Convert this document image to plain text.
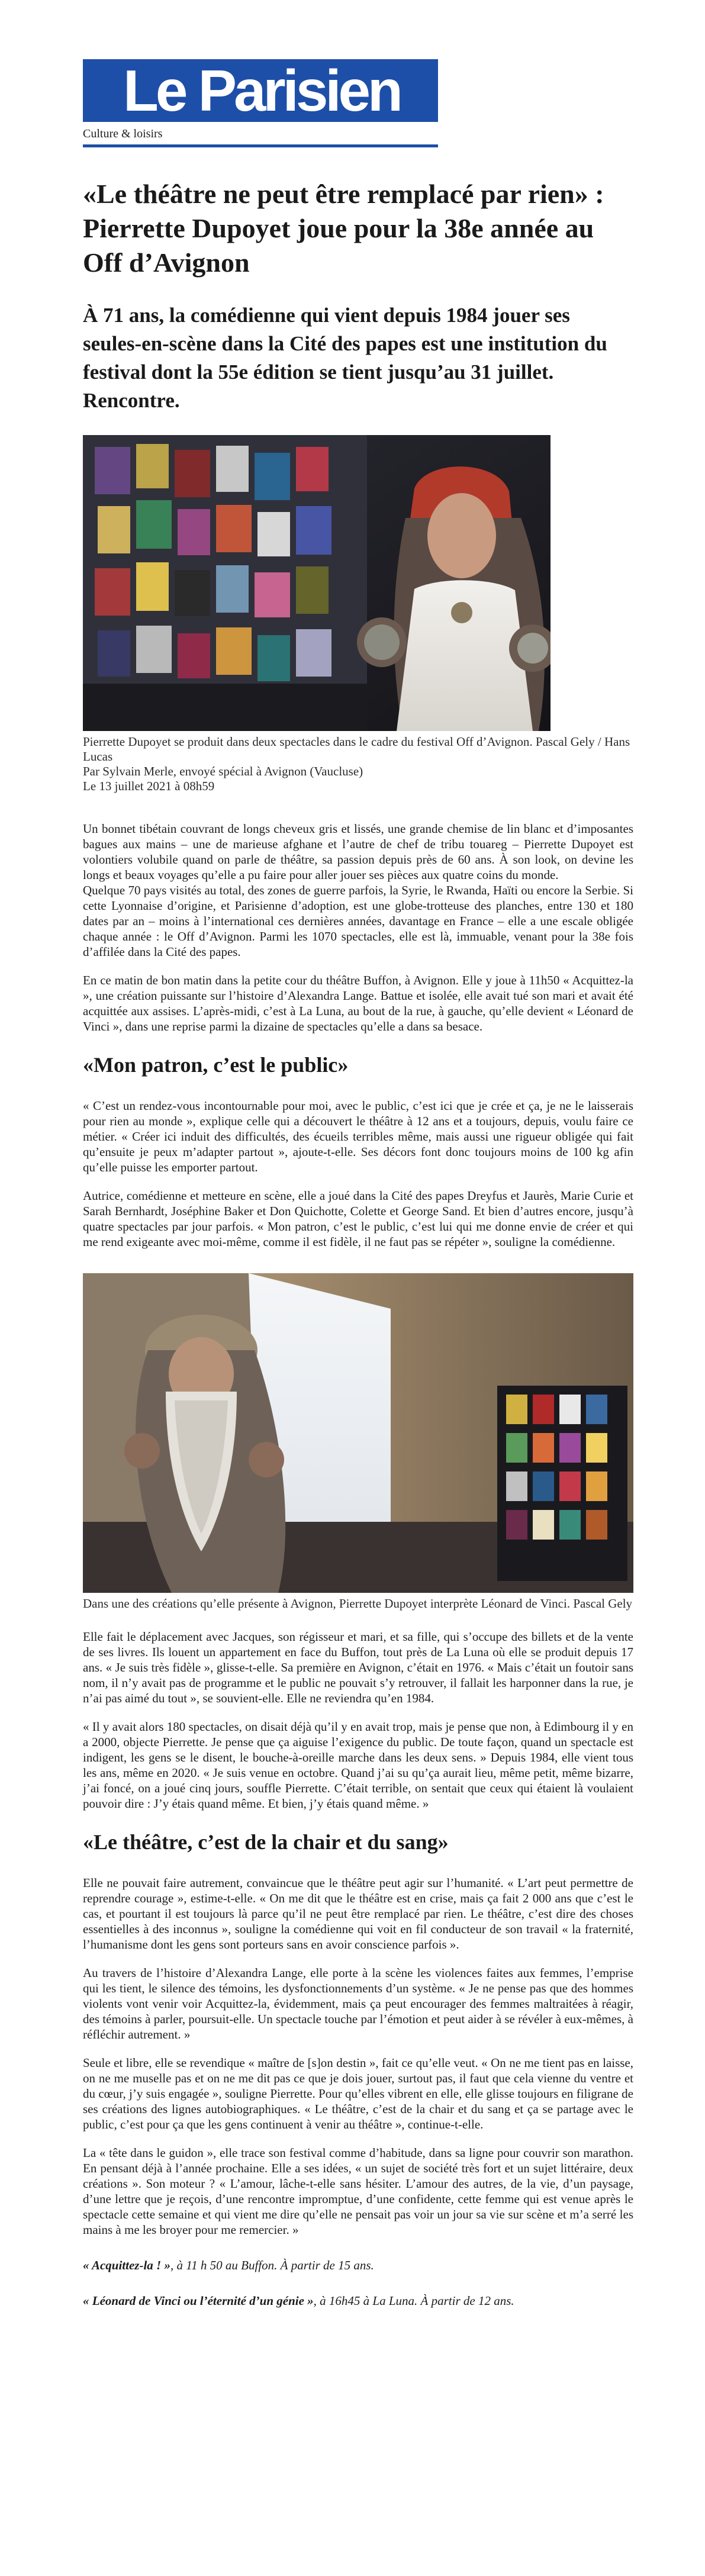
Le Parisien
Culture & loisirs
«Le théâtre ne peut être remplacé par rien» : Pierrette Dupoyet joue pour la 38e année au Off d’Avignon
À 71 ans, la comédienne qui vient depuis 1984 jouer ses seules-en-scène dans la Cité des papes est une institution du festival dont la 55e édition se tient jusqu’au 31 juillet. Rencontre.
Pierrette Dupoyet se produit dans deux spectacles dans le cadre du festival Off d’Avignon. Pascal Gely / Hans Lucas
Par Sylvain Merle, envoyé spécial à Avignon (Vaucluse)
Le 13 juillet 2021 à 08h59

Un bonnet tibétain couvrant de longs cheveux gris et lissés, une grande chemise de lin blanc et d’imposantes bagues aux mains – une de marieuse afghane et l’autre de chef de tribu touareg – Pierrette Dupoyet est volontiers volubile quand on parle de théâtre, sa passion depuis près de 60 ans. À son look, on devine les longs et beaux voyages qu’elle a pu faire pour aller jouer ses pièces aux quatre coins du monde.

Quelque 70 pays visités au total, des zones de guerre parfois, la Syrie, le Rwanda, Haïti ou encore la Serbie. Si cette Lyonnaise d’origine, et Parisienne d’adoption, est une globe-trotteuse des planches, entre 130 et 180 dates par an – moins à l’international ces dernières années, davantage en France – elle a une escale obligée chaque année : le Off d’Avignon. Parmi les 1070 spectacles, elle est là, immuable, venant pour la 38e fois d’affilée dans la Cité des papes.

En ce matin de bon matin dans la petite cour du théâtre Buffon, à Avignon. Elle y joue à 11h50 « Acquittez-la », une création puissante sur l’histoire d’Alexandra Lange. Battue et isolée, elle avait tué son mari et avait été acquittée aux assises. L’après-midi, c’est à La Luna, au bout de la rue, à gauche, qu’elle devient « Léonard de Vinci », dans une reprise parmi la dizaine de spectacles qu’elle a dans sa besace.

«Mon patron, c’est le public»

« C’est un rendez-vous incontournable pour moi, avec le public, c’est ici que je crée et ça, je ne le laisserais pour rien au monde », explique celle qui a découvert le théâtre à 12 ans et a toujours, depuis, voulu faire ce métier. « Créer ici induit des difficultés, des écueils terribles même, mais aussi une rigueur obligée qui fait qu’ensuite je peux m’adapter partout », ajoute-t-elle. Ses décors font donc toujours moins de 100 kg afin qu’elle puisse les emporter partout.

Autrice, comédienne et metteure en scène, elle a joué dans la Cité des papes Dreyfus et Jaurès, Marie Curie et Sarah Bernhardt, Joséphine Baker et Don Quichotte, Colette et George Sand. Et bien d’autres encore, jusqu’à quatre spectacles par jour parfois. « Mon patron, c’est le public, c’est lui qui me donne envie de créer et qui me rend exigeante avec moi-même, comme il est fidèle, il ne faut pas se répéter », souligne la comédienne.

Dans une des créations qu’elle présente à Avignon, Pierrette Dupoyet interprète Léonard de Vinci. Pascal Gely

Elle fait le déplacement avec Jacques, son régisseur et mari, et sa fille, qui s’occupe des billets et de la vente de ses livres. Ils louent un appartement en face du Buffon, tout près de La Luna où elle se produit depuis 17 ans. « Je suis très fidèle », glisse-t-elle. Sa première en Avignon, c’était en 1976. « Mais c’était un foutoir sans nom, il n’y avait pas de programme et le public ne pouvait s’y retrouver, il fallait les harponner dans la rue, je n’ai pas aimé du tout », se souvient-elle. Elle ne reviendra qu’en 1984.

« Il y avait alors 180 spectacles, on disait déjà qu’il y en avait trop, mais je pense que non, à Edimbourg il y en a 2000, objecte Pierrette. Je pense que ça aiguise l’exigence du public. De toute façon, quand un spectacle est indigent, les gens se le disent, le bouche-à-oreille marche dans les deux sens. » Depuis 1984, elle vient tous les ans, même en 2020. « Je suis venue en octobre. Quand j’ai su qu’ça aurait lieu, même petit, même bizarre, j’ai foncé, on a joué cinq jours, souffle Pierrette. C’était terrible, on sentait que ceux qui étaient là voulaient pouvoir dire : J’y étais quand même. Et bien, j’y étais quand même. »

«Le théâtre, c’est de la chair et du sang»

Elle ne pouvait faire autrement, convaincue que le théâtre peut agir sur l’humanité. « L’art peut permettre de reprendre courage », estime-t-elle. « On me dit que le théâtre est en crise, mais ça fait 2 000 ans que c’est le cas, et pourtant il est toujours là parce qu’il ne peut être remplacé par rien. Le théâtre, c’est dire des choses essentielles à des inconnus », souligne la comédienne qui voit en fil conducteur de son travail « la fraternité, l’humanisme dont les gens sont porteurs sans en avoir conscience parfois ».

Au travers de l’histoire d’Alexandra Lange, elle porte à la scène les violences faites aux femmes, l’emprise qui les tient, le silence des témoins, les dysfonctionnements d’un système. « Je ne pense pas que des hommes violents vont venir voir Acquittez-la, évidemment, mais ça peut encourager des femmes maltraitées à réagir, des témoins à parler, poursuit-elle. Un spectacle touche par l’émotion et peut aider à se révéler à eux-mêmes, à réfléchir autrement. »

Seule et libre, elle se revendique « maître de [s]on destin », fait ce qu’elle veut. « On ne me tient pas en laisse, on ne me muselle pas et on ne me dit pas ce que je dois jouer, surtout pas, il faut que cela vienne du ventre et du cœur, j’y suis engagée », souligne Pierrette. Pour qu’elles vibrent en elle, elle glisse toujours en filigrane de ses créations des lignes autobiographiques. « Le théâtre, c’est de la chair et du sang et ça se partage avec le public, c’est pour ça que les gens continuent à venir au théâtre », continue-t-elle.

La « tête dans le guidon », elle trace son festival comme d’habitude, dans sa ligne pour couvrir son marathon. En pensant déjà à l’année prochaine. Elle a ses idées, « un sujet de société très fort et un sujet littéraire, deux créations ». Son moteur ? « L’amour, lâche-t-elle sans hésiter. L’amour des autres, de la vie, d’un paysage, d’une lettre que je reçois, d’une rencontre impromptue, d’une confidente, cette femme qui est venue après le spectacle cette semaine et qui vient me dire qu’elle ne pensait pas voir un jour sa vie sur scène et m’a serré les mains à me les broyer pour me remercier. »

« Acquittez-la ! », à 11 h 50 au Buffon. À partir de 15 ans.
« Léonard de Vinci ou l’éternité d’un génie », à 16h45 à La Luna. À partir de 12 ans.
